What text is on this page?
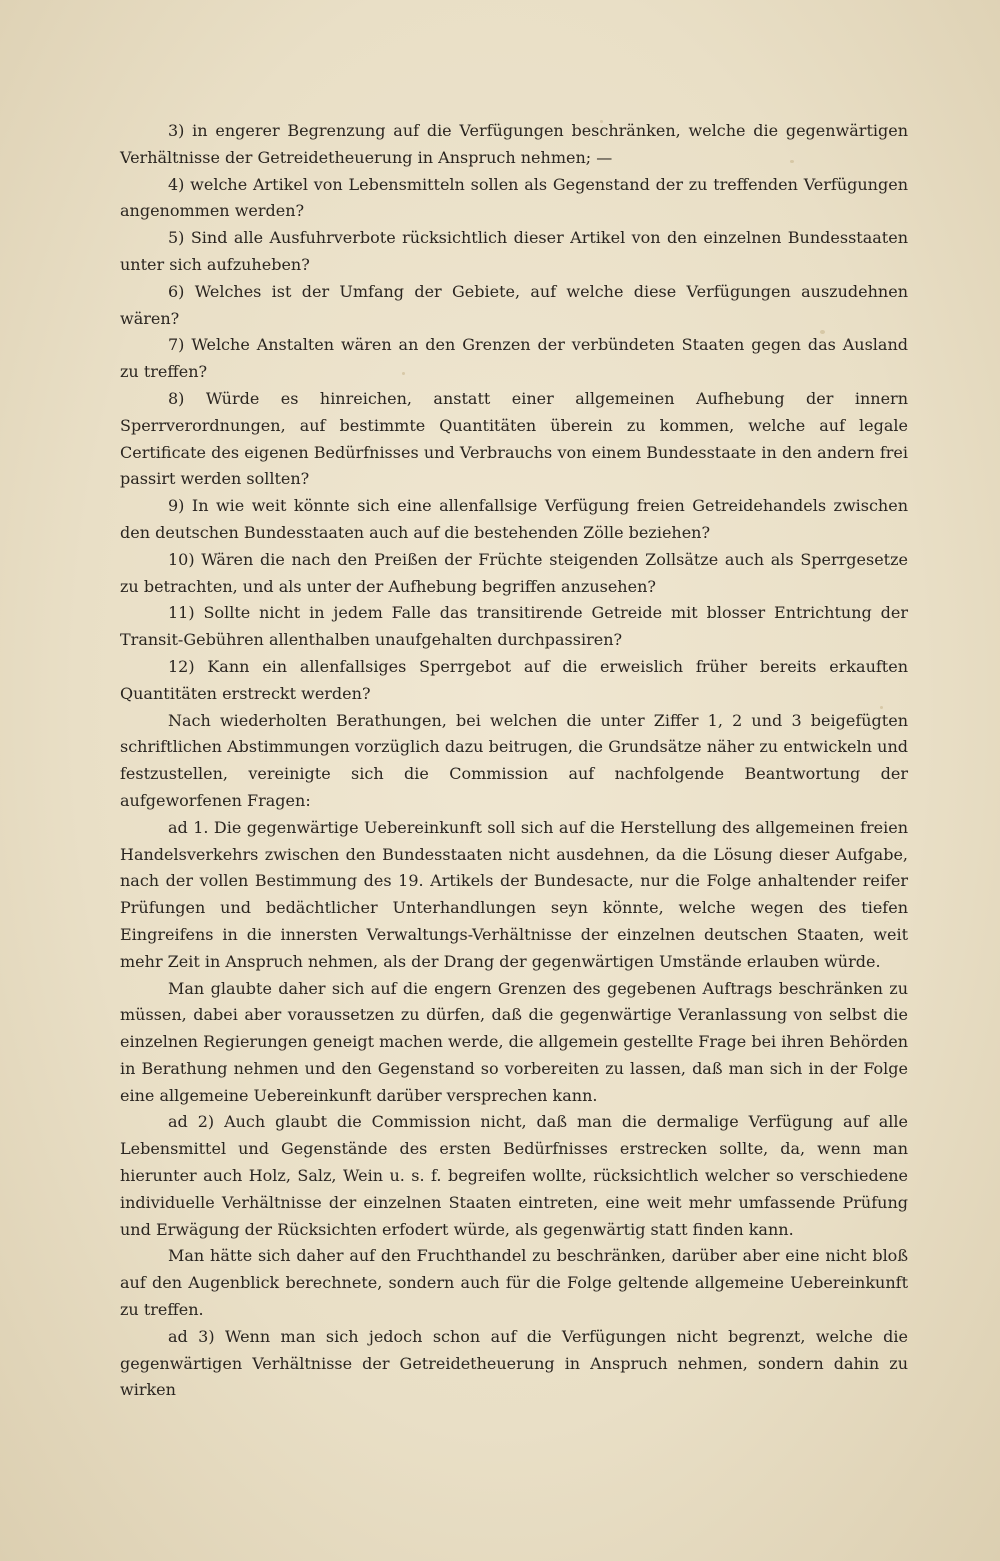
3) in engerer Begrenzung auf die Verfügungen beschränken, welche die gegenwärtigen Verhältnisse der Getreidetheuerung in Anspruch nehmen; —

4) welche Artikel von Lebensmitteln sollen als Gegenstand der zu treffenden Verfügungen angenommen werden?

5) Sind alle Ausfuhrverbote rücksichtlich dieser Artikel von den einzelnen Bundesstaaten unter sich aufzuheben?

6) Welches ist der Umfang der Gebiete, auf welche diese Verfügungen auszudehnen wären?

7) Welche Anstalten wären an den Grenzen der verbündeten Staaten gegen das Ausland zu treffen?

8) Würde es hinreichen, anstatt einer allgemeinen Aufhebung der innern Sperrverordnungen, auf bestimmte Quantitäten überein zu kommen, welche auf legale Certificate des eigenen Bedürfnisses und Verbrauchs von einem Bundesstaate in den andern frei passirt werden sollten?

9) In wie weit könnte sich eine allenfallsige Verfügung freien Getreidehandels zwischen den deutschen Bundesstaaten auch auf die bestehenden Zölle beziehen?

10) Wären die nach den Preißen der Früchte steigenden Zollsätze auch als Sperrgesetze zu betrachten, und als unter der Aufhebung begriffen anzusehen?

11) Sollte nicht in jedem Falle das transitirende Getreide mit blosser Entrichtung der Transit-Gebühren allenthalben unaufgehalten durchpassiren?

12) Kann ein allenfallsiges Sperrgebot auf die erweislich früher bereits erkauften Quantitäten erstreckt werden?

Nach wiederholten Berathungen, bei welchen die unter Ziffer 1, 2 und 3 beigefügten schriftlichen Abstimmungen vorzüglich dazu beitrugen, die Grundsätze näher zu entwickeln und festzustellen, vereinigte sich die Commission auf nachfolgende Beantwortung der aufgeworfenen Fragen:

ad 1. Die gegenwärtige Uebereinkunft soll sich auf die Herstellung des allgemeinen freien Handelsverkehrs zwischen den Bundesstaaten nicht ausdehnen, da die Lösung dieser Aufgabe, nach der vollen Bestimmung des 19. Artikels der Bundesacte, nur die Folge anhaltender reifer Prüfungen und bedächtlicher Unterhandlungen seyn könnte, welche wegen des tiefen Eingreifens in die innersten Verwaltungs-Verhältnisse der einzelnen deutschen Staaten, weit mehr Zeit in Anspruch nehmen, als der Drang der gegenwärtigen Umstände erlauben würde.

Man glaubte daher sich auf die engern Grenzen des gegebenen Auftrags beschränken zu müssen, dabei aber voraussetzen zu dürfen, daß die gegenwärtige Veranlassung von selbst die einzelnen Regierungen geneigt machen werde, die allgemein gestellte Frage bei ihren Behörden in Berathung nehmen und den Gegenstand so vorbereiten zu lassen, daß man sich in der Folge eine allgemeine Uebereinkunft darüber versprechen kann.

ad 2) Auch glaubt die Commission nicht, daß man die dermalige Verfügung auf alle Lebensmittel und Gegenstände des ersten Bedürfnisses erstrecken sollte, da, wenn man hierunter auch Holz, Salz, Wein u. s. f. begreifen wollte, rücksichtlich welcher so verschiedene individuelle Verhältnisse der einzelnen Staaten eintreten, eine weit mehr umfassende Prüfung und Erwägung der Rücksichten erfodert würde, als gegenwärtig statt finden kann.

Man hätte sich daher auf den Fruchthandel zu beschränken, darüber aber eine nicht bloß auf den Augenblick berechnete, sondern auch für die Folge geltende allgemeine Uebereinkunft zu treffen.

ad 3) Wenn man sich jedoch schon auf die Verfügungen nicht begrenzt, welche die gegenwärtigen Verhältnisse der Getreidetheuerung in Anspruch nehmen, sondern dahin zu wirken
